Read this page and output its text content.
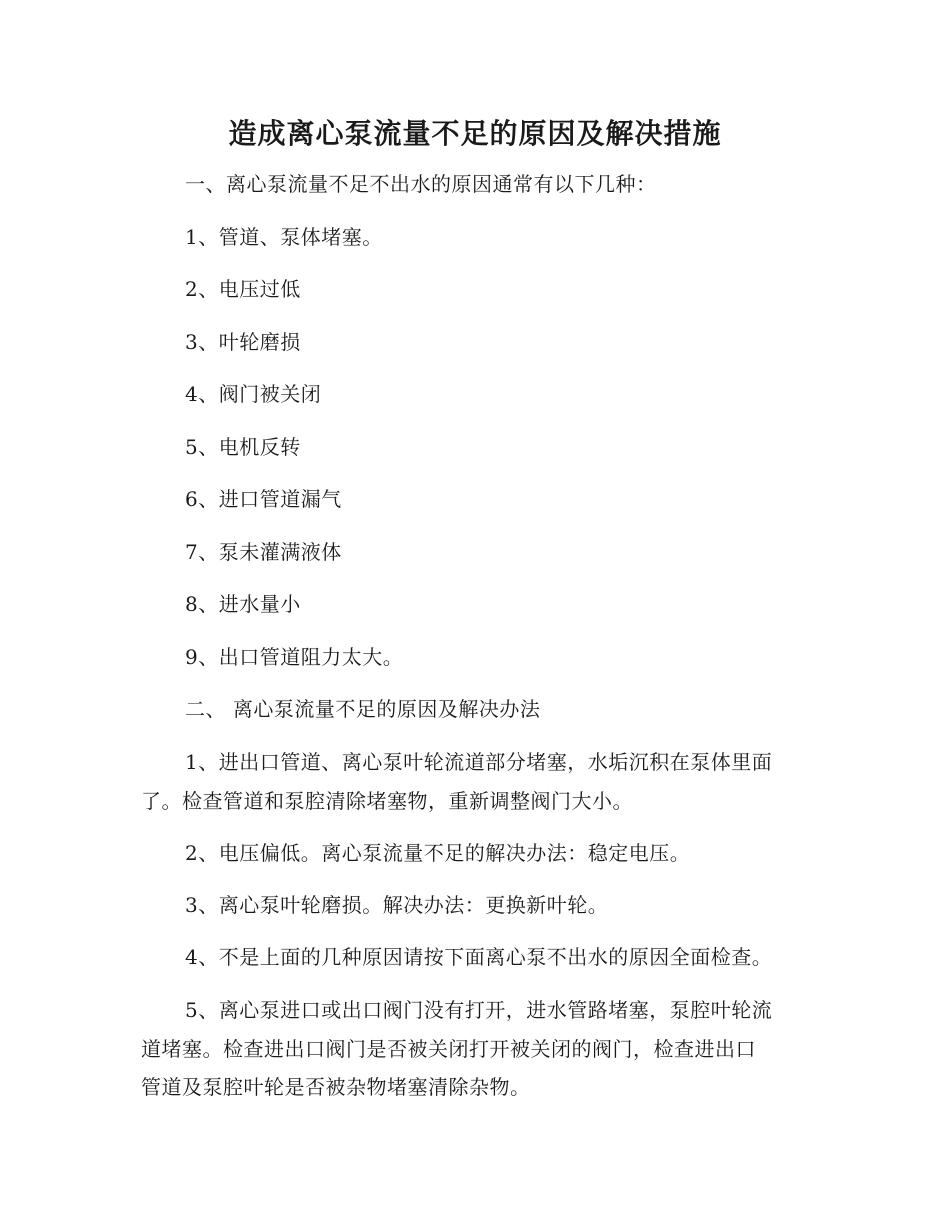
造成离心泵流量不足的原因及解决措施
一、离心泵流量不足不出水的原因通常有以下几种：
1、管道、泵体堵塞。
2、电压过低
3、叶轮磨损
4、阀门被关闭
5、电机反转
6、进口管道漏气
7、泵未灌满液体
8、进水量小
9、出口管道阻力太大。
二、 离心泵流量不足的原因及解决办法
1、进出口管道、离心泵叶轮流道部分堵塞，水垢沉积在泵体里面
了。检查管道和泵腔清除堵塞物，重新调整阀门大小。
2、电压偏低。离心泵流量不足的解决办法：稳定电压。
3、离心泵叶轮磨损。解决办法：更换新叶轮。
4、不是上面的几种原因请按下面离心泵不出水的原因全面检查。
5、离心泵进口或出口阀门没有打开，进水管路堵塞，泵腔叶轮流
道堵塞。检查进出口阀门是否被关闭打开被关闭的阀门，检查进出口
管道及泵腔叶轮是否被杂物堵塞清除杂物。
